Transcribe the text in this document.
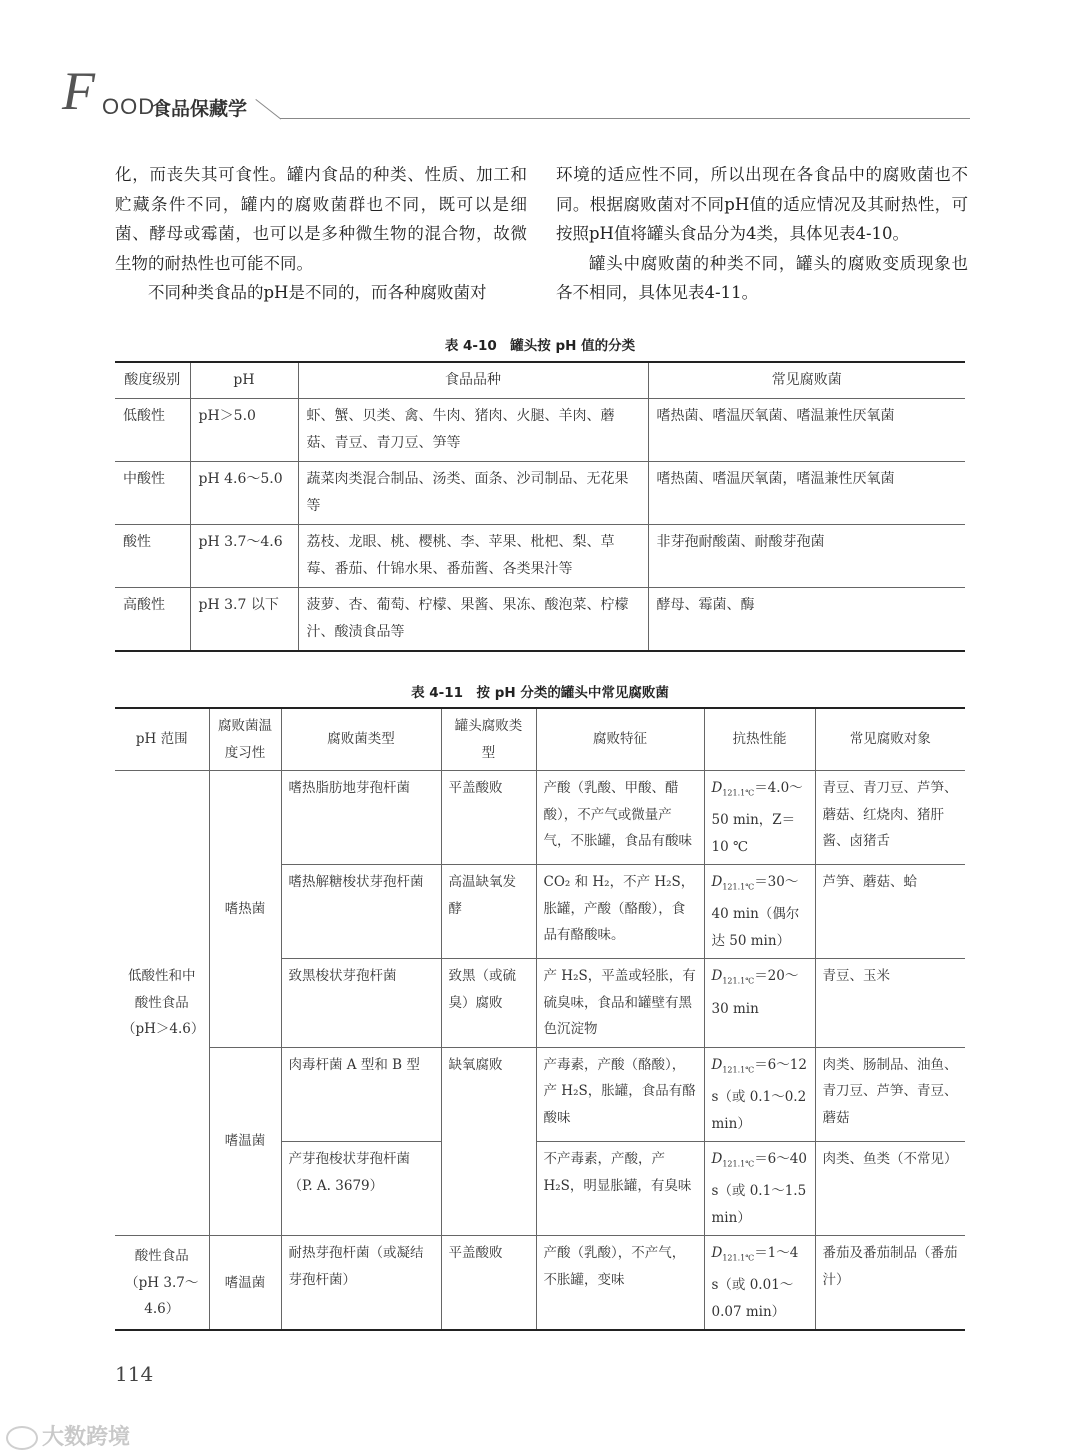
F OOD
食品保藏学

化，而丧失其可食性。罐内食品的种类、性质、加工和贮藏条件不同，罐内的腐败菌群也不同，既可以是细菌、酵母或霉菌，也可以是多种微生物的混合物，故微生物的耐热性也可能不同。

不同种类食品的pH是不同的，而各种腐败菌对

环境的适应性不同，所以出现在各食品中的腐败菌也不同。根据腐败菌对不同pH值的适应情况及其耐热性，可按照pH值将罐头食品分为4类，具体见表4-10。

罐头中腐败菌的种类不同，罐头的腐败变质现象也各不相同，具体见表4-11。

表 4-10　罐头按 pH 值的分类
酸度级别	pH	食品品种	常见腐败菌
低酸性	pH＞5.0	虾、蟹、贝类、禽、牛肉、猪肉、火腿、羊肉、蘑菇、青豆、青刀豆、笋等	嗜热菌、嗜温厌氧菌、嗜温兼性厌氧菌
中酸性	pH 4.6～5.0	蔬菜肉类混合制品、汤类、面条、沙司制品、无花果等	嗜热菌、嗜温厌氧菌，嗜温兼性厌氧菌
酸性	pH 3.7～4.6	荔枝、龙眼、桃、樱桃、李、苹果、枇杷、梨、草莓、番茄、什锦水果、番茄酱、各类果汁等	非芽孢耐酸菌、耐酸芽孢菌
高酸性	pH 3.7 以下	菠萝、杏、葡萄、柠檬、果酱、果冻、酸泡菜、柠檬汁、酸渍食品等	酵母、霉菌、酶
表 4-11　按 pH 分类的罐头中常见腐败菌
pH 范围	腐败菌温度习性	腐败菌类型	罐头腐败类型	腐败特征	抗热性能	常见腐败对象
低酸性和中酸性食品（pH＞4.6）	嗜热菌	嗜热脂肪地芽孢杆菌	平盖酸败	产酸（乳酸、甲酸、醋酸），不产气或微量产气，不胀罐，食品有酸味	$D_{121.1℃}=4.0\sim 50$ min，Z＝10 ℃	青豆、青刀豆、芦笋、蘑菇、红烧肉、猪肝酱、卤猪舌
		嗜热解糖梭状芽孢杆菌	高温缺氧发酵	CO₂ 和 H₂，不产 H₂S，胀罐，产酸（酪酸），食品有酪酸味。	$D_{121.1℃}=30\sim 40$ min（偶尔达 50 min）	芦笋、蘑菇、蛤
		致黑梭状芽孢杆菌	致黑（或硫臭）腐败	产 H₂S，平盖或轻胀，有硫臭味，食品和罐壁有黑色沉淀物	$D_{121.1℃}=20\sim 30$ min	青豆、玉米
	嗜温菌	肉毒杆菌 A 型和 B 型	缺氧腐败	产毒素，产酸（酪酸），产 H₂S，胀罐，食品有酪酸味	$D_{121.1℃}=6\sim 12$ s（或 0.1～0.2 min）	肉类、肠制品、油鱼、青刀豆、芦笋、青豆、蘑菇
		产芽孢梭状芽孢杆菌（P. A. 3679）		不产毒素，产酸，产 H₂S，明显胀罐，有臭味	$D_{121.1℃}=6\sim 40$ s（或 0.1～1.5 min）	肉类、鱼类（不常见）
酸性食品（pH 3.7～4.6）	嗜温菌	耐热芽孢杆菌（或凝结芽孢杆菌）	平盖酸败	产酸（乳酸），不产气，不胀罐，变味	$D_{121.1℃}=1\sim 4$ s（或 0.01～0.07 min）	番茄及番茄制品（番茄汁）
114
大数跨境
